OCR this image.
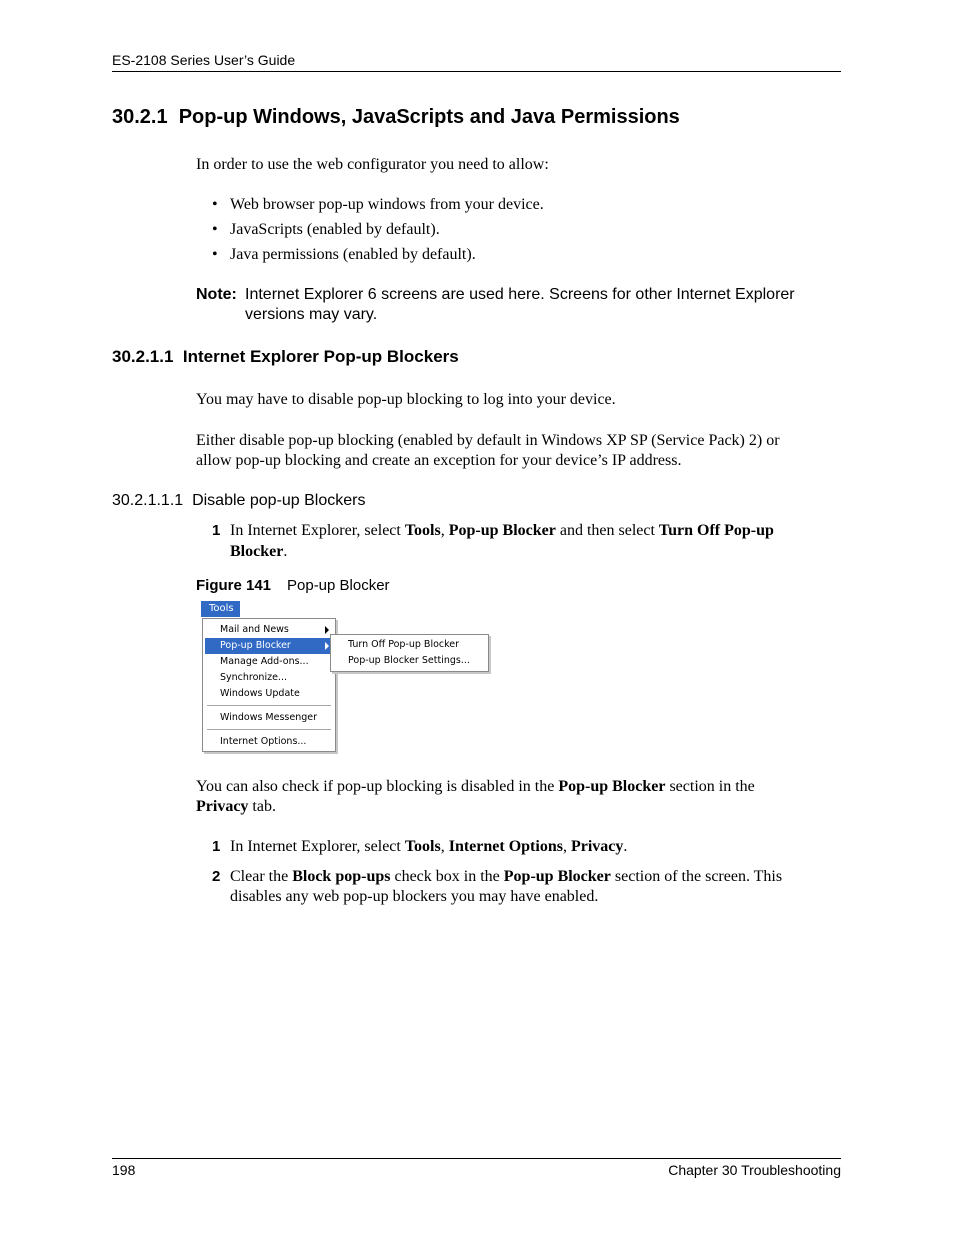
ES-2108 Series User’s Guide
30.2.1  Pop-up Windows, JavaScripts and Java Permissions
In order to use the web configurator you need to allow:
• Web browser pop-up windows from your device.
• JavaScripts (enabled by default).
• Java permissions (enabled by default).
Note: Internet Explorer 6 screens are used here. Screens for other Internet Explorer
versions may vary.
30.2.1.1  Internet Explorer Pop-up Blockers
You may have to disable pop-up blocking to log into your device.
Either disable pop-up blocking (enabled by default in Windows XP SP (Service Pack) 2) or
allow pop-up blocking and create an exception for your device’s IP address.
30.2.1.1.1  Disable pop-up Blockers
1 In Internet Explorer, select Tools, Pop-up Blocker and then select Turn Off Pop-up
Blocker.
Figure 141 Pop-up Blocker
Tools
Mail and News
Pop-up Blocker
Manage Add-ons...
Synchronize...
Windows Update
Windows Messenger
Internet Options...
Turn Off Pop-up Blocker
Pop-up Blocker Settings...
You can also check if pop-up blocking is disabled in the Pop-up Blocker section in the
Privacy tab.
1 In Internet Explorer, select Tools, Internet Options, Privacy.
2 Clear the Block pop-ups check box in the Pop-up Blocker section of the screen. This
disables any web pop-up blockers you may have enabled.
198	Chapter 30 Troubleshooting
